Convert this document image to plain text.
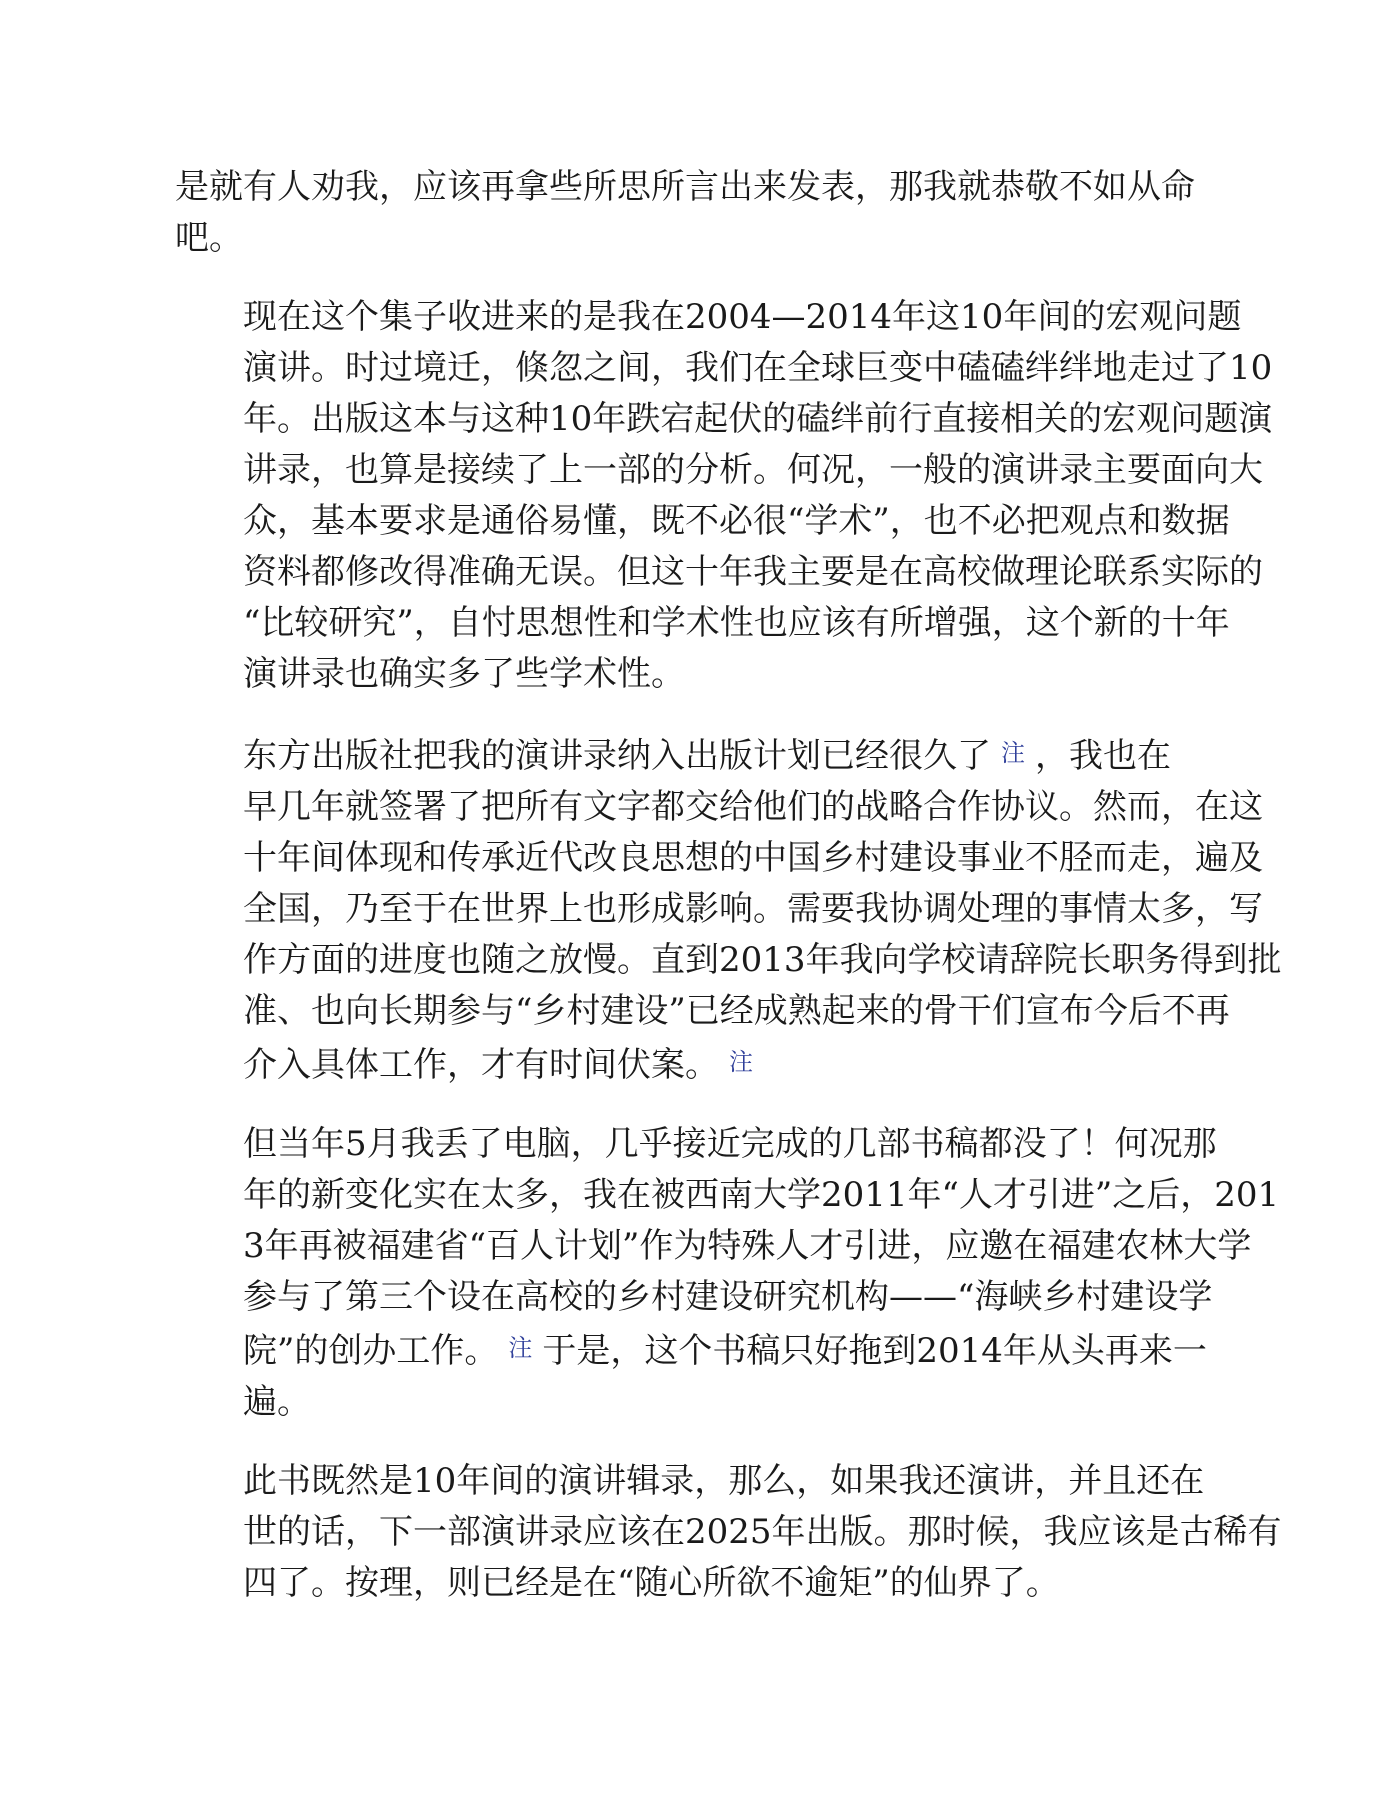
是就有人劝我，应该再拿些所思所言出来发表，那我就恭敬不如从命
吧。

现在这个集子收进来的是我在2004—2014年这10年间的宏观问题
演讲。时过境迁，倏忽之间，我们在全球巨变中磕磕绊绊地走过了10
年。出版这本与这种10年跌宕起伏的磕绊前行直接相关的宏观问题演
讲录，也算是接续了上一部的分析。何况，一般的演讲录主要面向大
众，基本要求是通俗易懂，既不必很“学术”，也不必把观点和数据
资料都修改得准确无误。但这十年我主要是在高校做理论联系实际的
“比较研究”，自忖思想性和学术性也应该有所增强，这个新的十年
演讲录也确实多了些学术性。

东方出版社把我的演讲录纳入出版计划已经很久了 注 ，我也在
早几年就签署了把所有文字都交给他们的战略合作协议。然而，在这
十年间体现和传承近代改良思想的中国乡村建设事业不胫而走，遍及
全国，乃至于在世界上也形成影响。需要我协调处理的事情太多，写
作方面的进度也随之放慢。直到2013年我向学校请辞院长职务得到批
准、也向长期参与“乡村建设”已经成熟起来的骨干们宣布今后不再
介入具体工作，才有时间伏案。 注

但当年5月我丢了电脑，几乎接近完成的几部书稿都没了！何况那
年的新变化实在太多，我在被西南大学2011年“人才引进”之后，201
3年再被福建省“百人计划”作为特殊人才引进，应邀在福建农林大学
参与了第三个设在高校的乡村建设研究机构——“海峡乡村建设学
院”的创办工作。 注 于是，这个书稿只好拖到2014年从头再来一
遍。

此书既然是10年间的演讲辑录，那么，如果我还演讲，并且还在
世的话，下一部演讲录应该在2025年出版。那时候，我应该是古稀有
四了。按理，则已经是在“随心所欲不逾矩”的仙界了。
